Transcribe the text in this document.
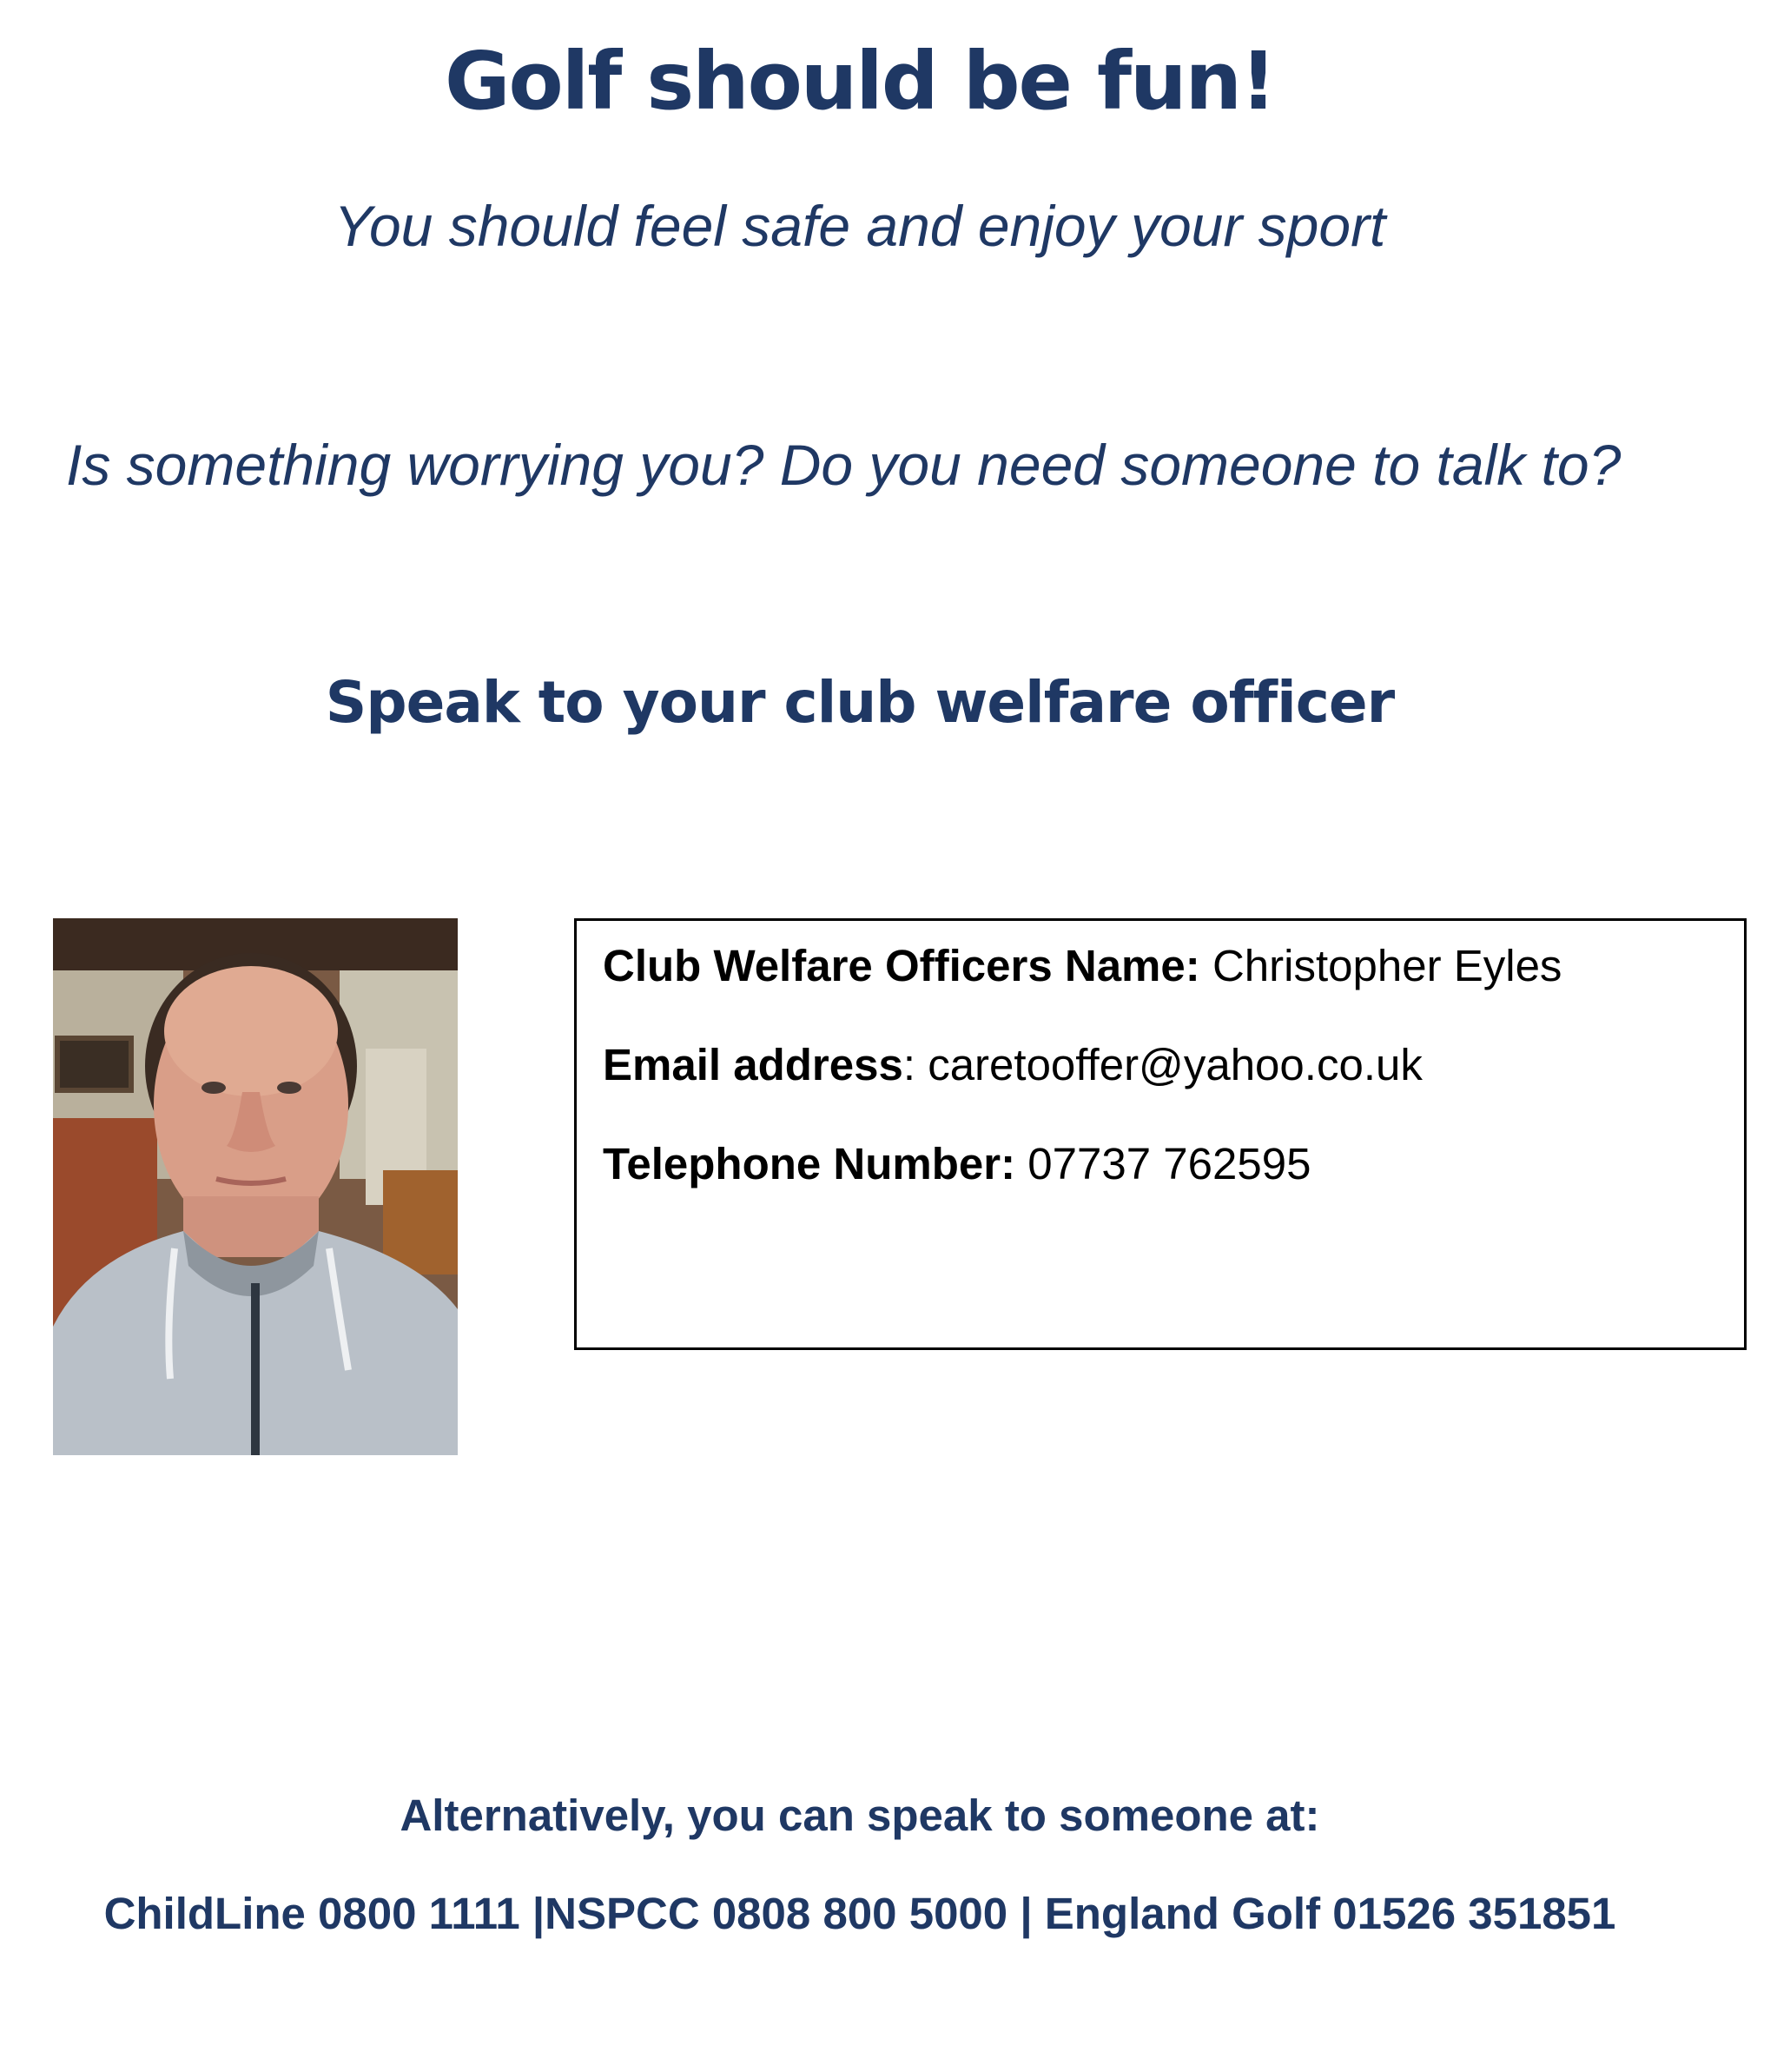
Golf should be fun!
You should feel safe and enjoy your sport
Is something worrying you? Do you need someone to talk to?
Speak to your club welfare officer
Club Welfare Officers Name: Christopher Eyles
Email address: caretooffer@yahoo.co.uk
Telephone Number: 07737 762595
Alternatively, you can speak to someone at:
ChildLine 0800 1111 |NSPCC 0808 800 5000 | England Golf 01526 351851
